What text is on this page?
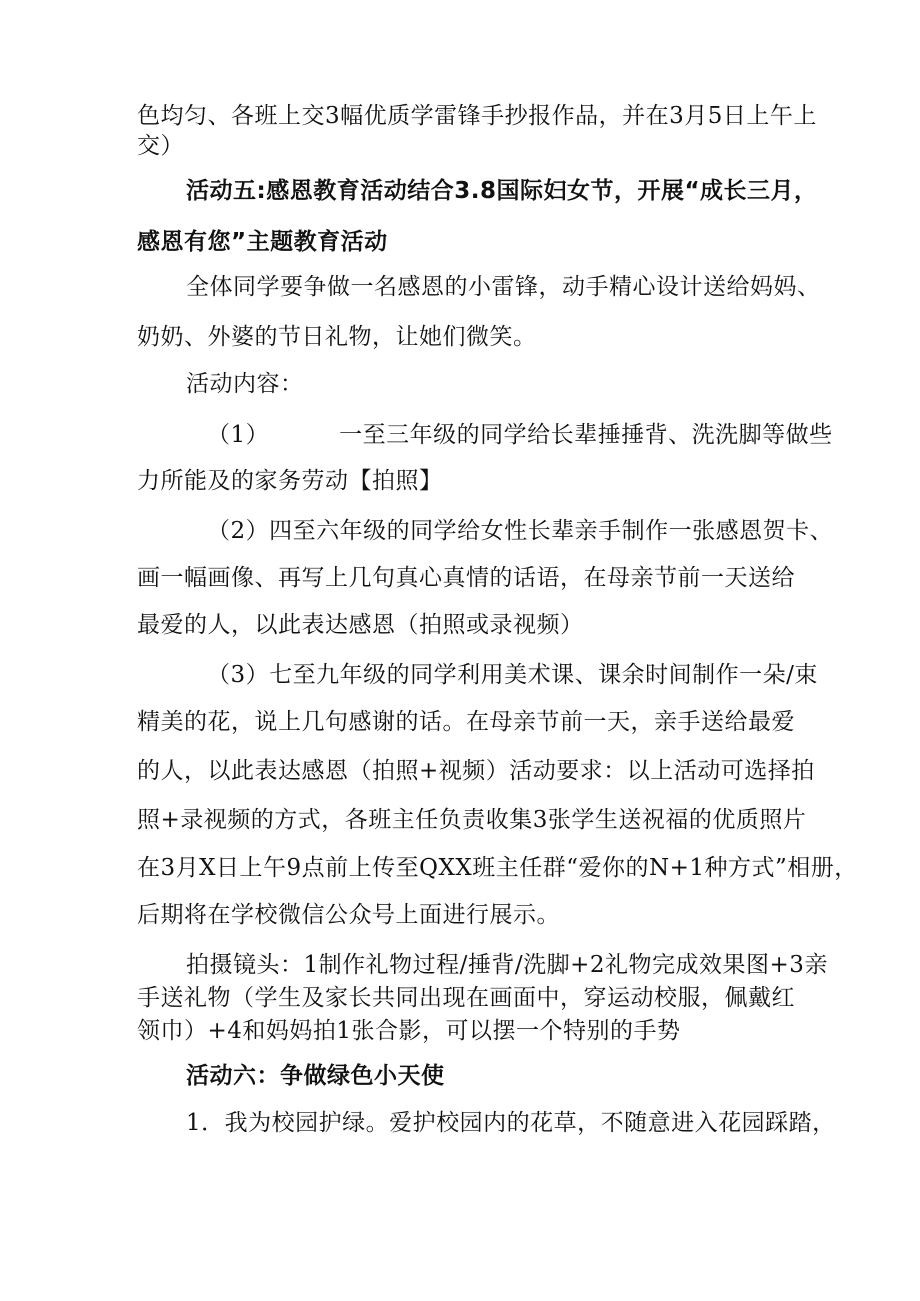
色均匀、各班上交3幅优质学雷锋手抄报作品，并在3月5日上午上
交）
活动五:感恩教育活动结合3.8国际妇女节，开展“成长三月，
感恩有您”主题教育活动
全体同学要争做一名感恩的小雷锋，动手精心设计送给妈妈、
奶奶、外婆的节日礼物，让她们微笑。
活动内容：
（1）	一至三年级的同学给长辈捶捶背、洗洗脚等做些
力所能及的家务劳动【拍照】
（2）四至六年级的同学给女性长辈亲手制作一张感恩贺卡、
画一幅画像、再写上几句真心真情的话语，在母亲节前一天送给
最爱的人，以此表达感恩（拍照或录视频）
（3）七至九年级的同学利用美术课、课余时间制作一朵/束
精美的花，说上几句感谢的话。在母亲节前一天，亲手送给最爱
的人，以此表达感恩（拍照+视频）活动要求：以上活动可选择拍
照+录视频的方式，各班主任负责收集3张学生送祝福的优质照片
在3月X日上午9点前上传至QXX班主任群“爱你的N+1种方式”相册，
后期将在学校微信公众号上面进行展示。
拍摄镜头：1制作礼物过程/捶背/洗脚+2礼物完成效果图+3亲
手送礼物（学生及家长共同出现在画面中，穿运动校服，佩戴红
领巾）+4和妈妈拍1张合影，可以摆一个特别的手势
活动六：争做绿色小天使
1．我为校园护绿。爱护校园内的花草，不随意进入花园踩踏，
